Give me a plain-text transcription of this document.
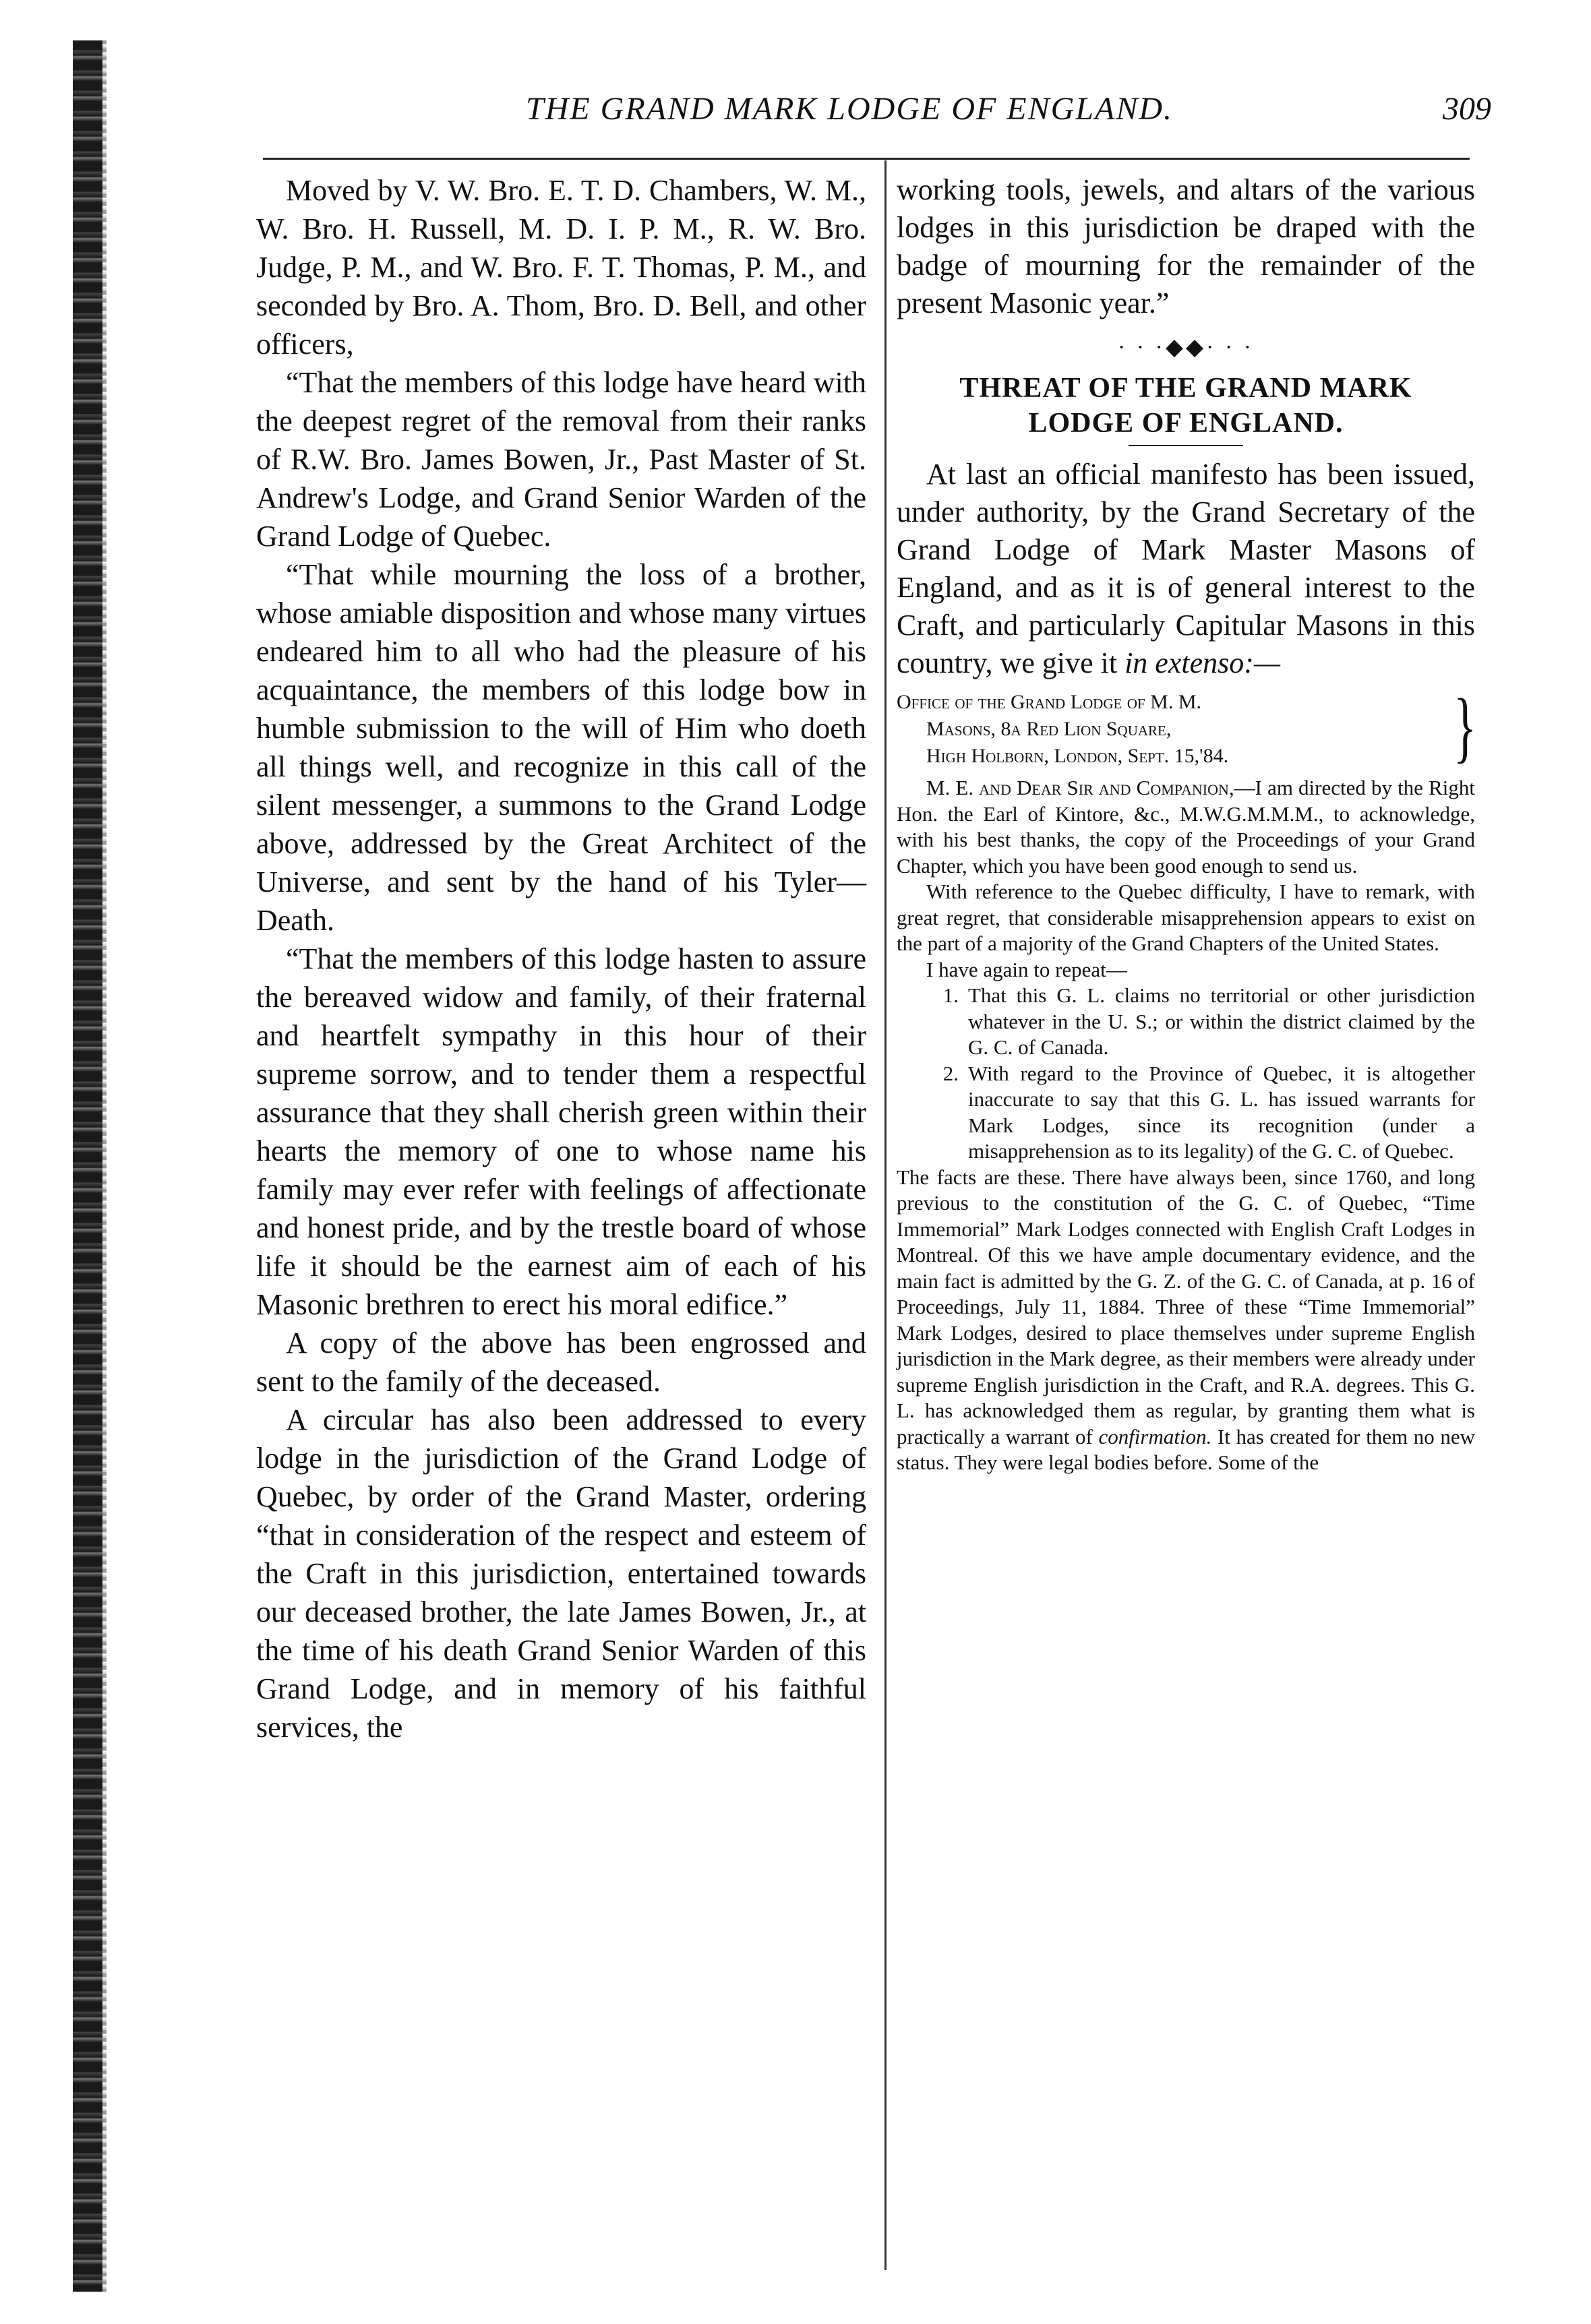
THE GRAND MARK LODGE OF ENGLAND.	309

Moved by V. W. Bro. E. T. D. Chambers, W. M., W. Bro. H. Russell, M. D. I. P. M., R. W. Bro. Judge, P. M., and W. Bro. F. T. Thomas, P. M., and seconded by Bro. A. Thom, Bro. D. Bell, and other officers,

“That the members of this lodge have heard with the deepest regret of the removal from their ranks of R.W. Bro. James Bowen, Jr., Past Master of St. Andrew's Lodge, and Grand Senior Warden of the Grand Lodge of Quebec.

“That while mourning the loss of a brother, whose amiable disposition and whose many virtues endeared him to all who had the pleasure of his acquaintance, the members of this lodge bow in humble submission to the will of Him who doeth all things well, and recognize in this call of the silent messenger, a summons to the Grand Lodge above, addressed by the Great Architect of the Universe, and sent by the hand of his Tyler—Death.

“That the members of this lodge hasten to assure the bereaved widow and family, of their fraternal and heartfelt sympathy in this hour of their supreme sorrow, and to tender them a respectful assurance that they shall cherish green within their hearts the memory of one to whose name his family may ever refer with feelings of affectionate and honest pride, and by the trestle board of whose life it should be the earnest aim of each of his Masonic brethren to erect his moral edifice.”

A copy of the above has been engrossed and sent to the family of the deceased.

A circular has also been addressed to every lodge in the jurisdiction of the Grand Lodge of Quebec, by order of the Grand Master, ordering “that in consideration of the respect and esteem of the Craft in this jurisdiction, entertained towards our deceased brother, the late James Bowen, Jr., at the time of his death Grand Senior Warden of this Grand Lodge, and in memory of his faithful services, the

working tools, jewels, and altars of the various lodges in this jurisdiction be draped with the badge of mourning for the remainder of the present Masonic year.”

· · ·◆◆· · ·
THREAT OF THE GRAND MARK
LODGE OF ENGLAND.

At last an official manifesto has been issued, under authority, by the Grand Secretary of the Grand Lodge of Mark Master Masons of England, and as it is of general interest to the Craft, and particularly Capitular Masons in this country, we give it in extenso:—

Office of the Grand Lodge of M. M.
Masons, 8a Red Lion Square,
High Holborn, London, Sept. 15,'84.	}

M. E. and Dear Sir and Companion,—I am directed by the Right Hon. the Earl of Kintore, &c., M.W.G.M.M.M., to acknowledge, with his best thanks, the copy of the Proceedings of your Grand Chapter, which you have been good enough to send us.

With reference to the Quebec difficulty, I have to remark, with great regret, that considerable misapprehension appears to exist on the part of a majority of the Grand Chapters of the United States.

I have again to repeat—

1. That this G. L. claims no territorial or other jurisdiction whatever in the U. S.; or within the district claimed by the G. C. of Canada.
2. With regard to the Province of Quebec, it is altogether inaccurate to say that this G. L. has issued warrants for Mark Lodges, since its recognition (under a misapprehension as to its legality) of the G. C. of Quebec.

The facts are these. There have always been, since 1760, and long previous to the constitution of the G. C. of Quebec, “Time Immemorial” Mark Lodges connected with English Craft Lodges in Montreal. Of this we have ample documentary evidence, and the main fact is admitted by the G. Z. of the G. C. of Canada, at p. 16 of Proceedings, July 11, 1884. Three of these “Time Immemorial” Mark Lodges, desired to place themselves under supreme English jurisdiction in the Mark degree, as their members were already under supreme English jurisdiction in the Craft, and R.A. degrees. This G. L. has acknowledged them as regular, by granting them what is practically a warrant of confirmation. It has created for them no new status. They were legal bodies before. Some of the
